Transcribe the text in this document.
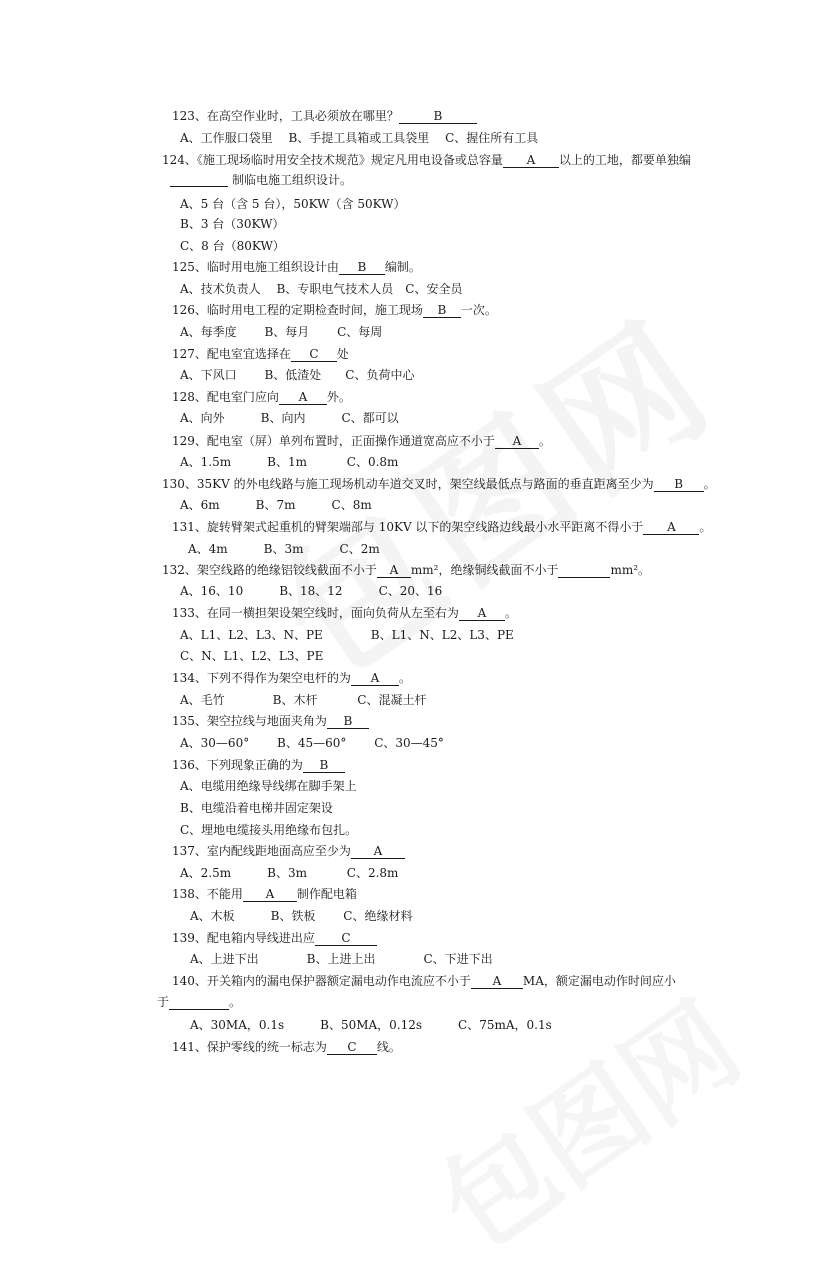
123、在高空作业时，工具必须放在哪里？	B
A、工作服口袋里　 B、手提工具箱或工具袋里　 C、握住所有工具
124、《施工现场临时用安全技术规范》规定凡用电设备或总容量 A 以上的工地，都要单独编
制临电施工组织设计。
A、5 台（含 5 台），50KW（含 50KW）
B、3 台（30KW）
C、8 台（80KW）
125、临时用电施工组织设计由 B 编制。
A、技术负责人　 B、专职电气技术人员　C、安全员
126、临时用电工程的定期检查时间，施工现场 B 一次。
A、每季度　　 B、每月　　 C、每周
127、配电室宜选择在 C 处
A、下风口　　 B、低渣处　　C、负荷中心
128、配电室门应向 A 外。
A、向外　　　B、向内　　　C、都可以
129、配电室（屏）单列布置时，正面操作通道宽高应不小于 A 。
A、1.5m　　　B、1m　　　 C、0.8m
130、35KV 的外电线路与施工现场机动车道交叉时，架空线最低点与路面的垂直距离至少为 B 。
A、6m　　　B、7m　　　C、8m
131、旋转臂架式起重机的臂架端部与 10KV 以下的架空线路边线最小水平距离不得小于 A 。
A、4m　　　B、3m　　　C、2m
132、架空线路的绝缘铝铰线截面不小于 A mm²，绝缘铜线截面不小于	mm²。
A、16、10　　　B、18、12　　　C、20、16
133、在同一横担架设架空线时，面向负荷从左至右为 A 。
A、L1、L2、L3、N、PE　　　　B、L1、N、L2、L3、PE
C、N、L1、L2、L3、PE
134、下列不得作为架空电杆的为 A 。
A、毛竹　　　　B、木杆　　　 C、混凝土杆
135、架空拉线与地面夹角为 B
A、30—60°　　 B、45—60°　　 C、30—45°
136、下列现象正确的为 B
A、电缆用绝缘导线绑在脚手架上
B、电缆沿着电梯井固定架设
C、埋地电缆接头用绝缘布包扎。
137、室内配线距地面高应至少为 A
A、2.5m　　　B、3m　　　 C、2.8m
138、不能用 A 制作配电箱
A、木板　　　B、铁板　　 C、绝缘材料
139、配电箱内导线进出应 C
A、上进下出　　　　B、上进上出　　　　C、下进下出
140、开关箱内的漏电保护器额定漏电动作电流应不小于 A MA，额定漏电动作时间应小
于	。
A、30MA，0.1s　　　B、50MA，0.12s　　　C、75mA，0.1s
141、保护零线的统一标志为 C 线。
